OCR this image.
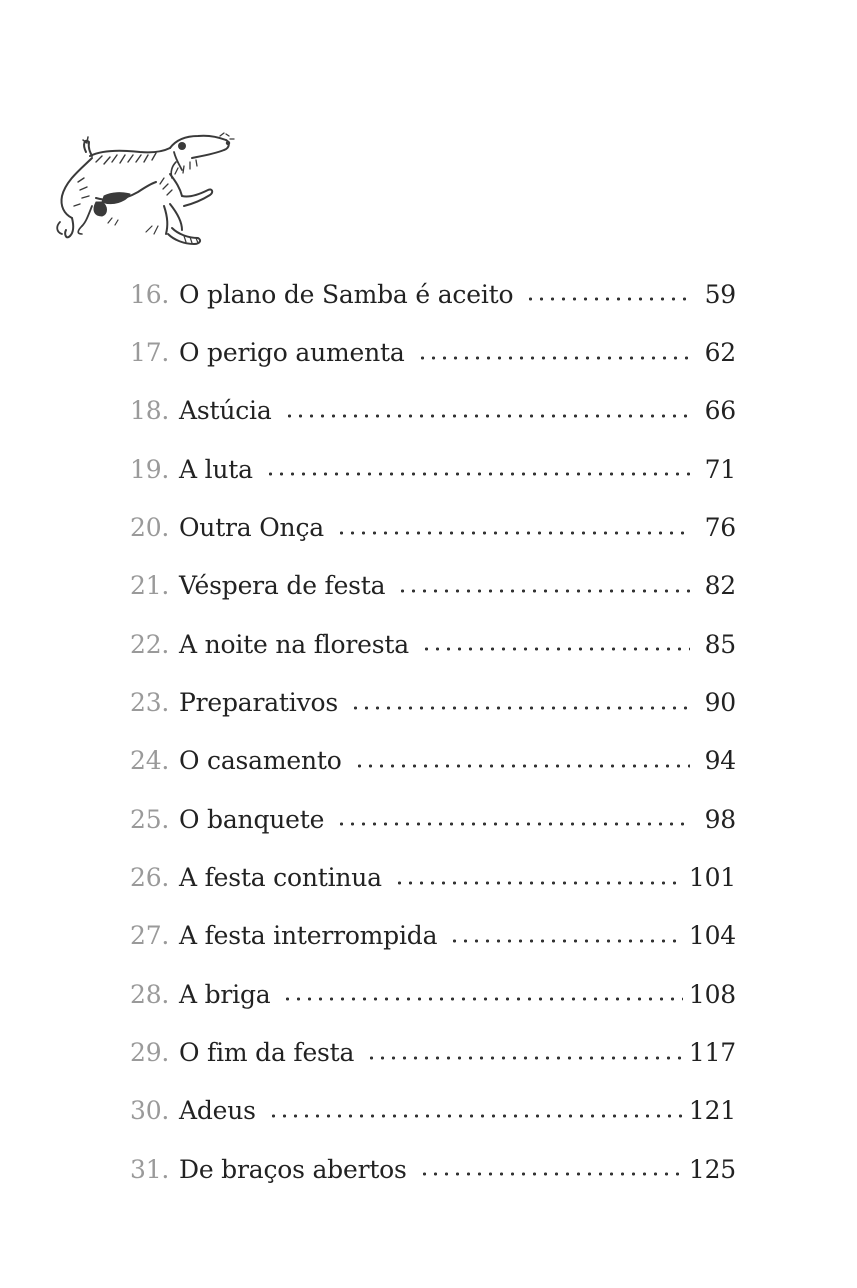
16. O plano de Samba é aceito	59
17. O perigo aumenta	62
18. Astúcia	66
19. A luta	71
20. Outra Onça	76
21. Véspera de festa	82
22. A noite na floresta	85
23. Preparativos	90
24. O casamento	94
25. O banquete	98
26. A festa continua	101
27. A festa interrompida	104
28. A briga	108
29. O fim da festa	117
30. Adeus	121
31. De braços abertos	125
